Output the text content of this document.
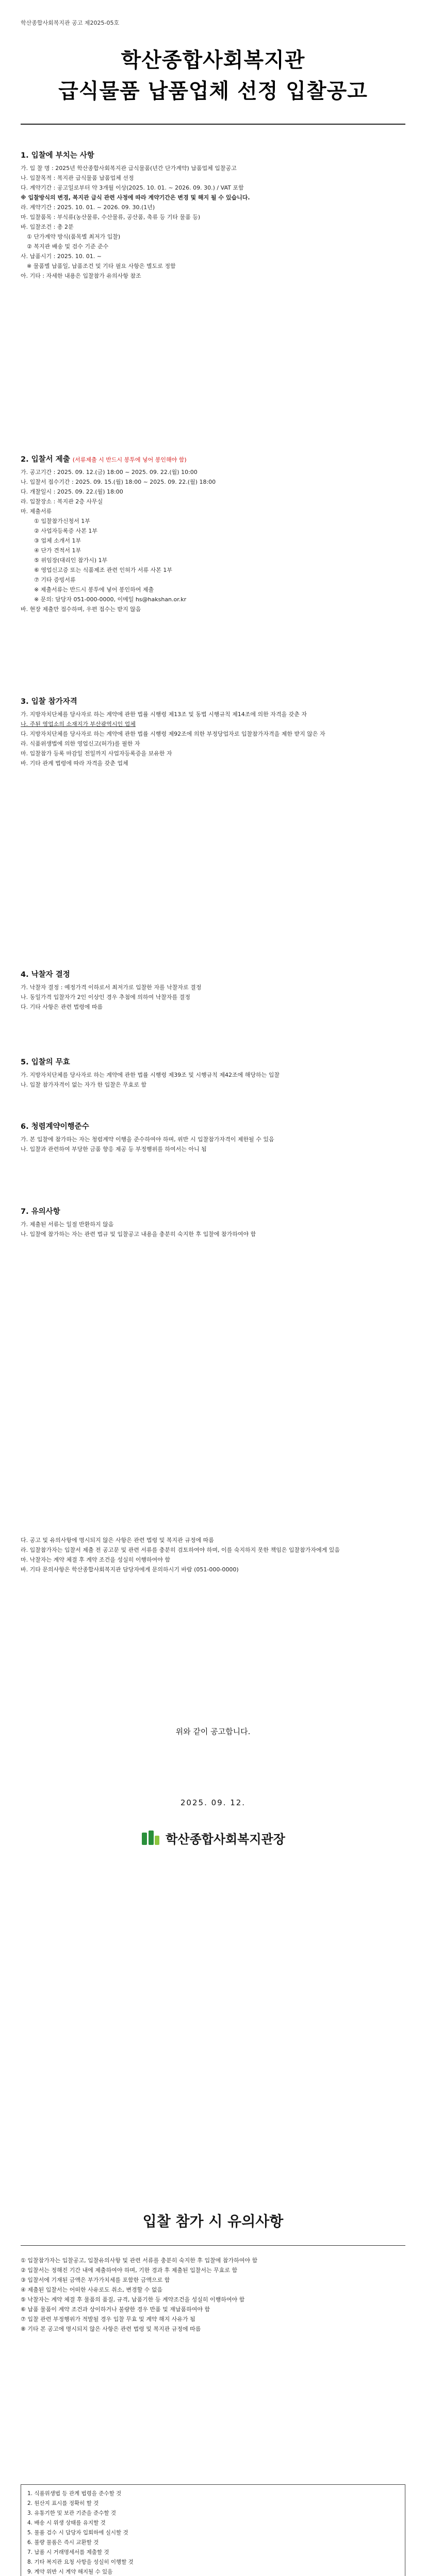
학산종합사회복지관 공고 제2025-05호
학산종합사회복지관
급식물품 납품업체 선정 입찰공고
1. 입찰에 부치는 사항

가. 입 찰 명 : 2025년 학산종합사회복지관 급식물품(년간 단가계약) 납품업체 입찰공고

나. 입찰목적 : 복지관 급식물품 납품업체 선정

다. 계약기간 : 공고일로부터 약 3개월 이상(2025. 10. 01. ~ 2026. 09. 30.) / VAT 포함

※ 입찰방식의 변경, 복지관 급식 관련 사정에 따라 계약기간은 변경 및 해지 될 수 있습니다.

라. 계약기간 : 2025. 10. 01. ~ 2026. 09. 30.(1년)

마. 입찰품목 : 부식류(농산물류, 수산물류, 공산품, 축류 등 기타 물품 등)

바. 입찰조건 : 총 2분

① 단가계약 방식(품목별 최저가 입찰)

② 복지관 배송 및 검수 기준 준수

사. 납품시기 : 2025. 10. 01. ~

※ 물품별 납품일, 납품조건 및 기타 필요 사항은 별도로 정함

아. 기타 : 자세한 내용은 입찰참가 유의사항 참조

2. 입찰서 제출 (서류제출 시 반드시 봉투에 넣어 봉인해야 함)

가. 공고기간 : 2025. 09. 12.(금) 18:00 ~ 2025. 09. 22.(월) 10:00

나. 입찰서 접수기간 : 2025. 09. 15.(월) 18:00 ~ 2025. 09. 22.(월) 18:00

다. 개찰일시 : 2025. 09. 22.(월) 18:00

라. 입찰장소 : 복지관 2층 사무실

마. 제출서류

① 입찰참가신청서 1부

② 사업자등록증 사본 1부

③ 업체 소개서 1부

④ 단가 견적서 1부

⑤ 위임장(대리인 참가시) 1부

⑥ 영업신고증 또는 식품제조 관련 인허가 서류 사본 1부

⑦ 기타 증빙서류

※ 제출서류는 반드시 봉투에 넣어 봉인하여 제출

※ 문의: 담당자 051-000-0000, 이메일 hs@hakshan.or.kr

바. 현장 제출만 접수하며, 우편 접수는 받지 않음

3. 입찰 참가자격

가. 지방자치단체를 당사자로 하는 계약에 관한 법률 시행령 제13조 및 동법 시행규칙 제14조에 의한 자격을 갖춘 자

나. 주된 영업소의 소재지가 부산광역시인 업체

다. 지방자치단체를 당사자로 하는 계약에 관한 법률 시행령 제92조에 의한 부정당업자로 입찰참가자격을 제한 받지 않은 자

라. 식품위생법에 의한 영업신고(허가)를 필한 자

마. 입찰참가 등록 마감일 전일까지 사업자등록증을 보유한 자

바. 기타 관계 법령에 따라 자격을 갖춘 업체

4. 낙찰자 결정

가. 낙찰자 결정 : 예정가격 이하로서 최저가로 입찰한 자를 낙찰자로 결정

나. 동일가격 입찰자가 2인 이상인 경우 추첨에 의하여 낙찰자를 결정

다. 기타 사항은 관련 법령에 따름

5. 입찰의 무효

가. 지방자치단체를 당사자로 하는 계약에 관한 법률 시행령 제39조 및 시행규칙 제42조에 해당하는 입찰

나. 입찰 참가자격이 없는 자가 한 입찰은 무효로 함

6. 청렴계약이행준수

가. 본 입찰에 참가하는 자는 청렴계약 이행을 준수하여야 하며, 위반 시 입찰참가자격이 제한될 수 있음

나. 입찰과 관련하여 부당한 금품 향응 제공 등 부정행위를 하여서는 아니 됨

7. 유의사항

가. 제출된 서류는 일절 반환하지 않음

나. 입찰에 참가하는 자는 관련 법규 및 입찰공고 내용을 충분히 숙지한 후 입찰에 참가하여야 함

다. 공고 및 유의사항에 명시되지 않은 사항은 관련 법령 및 복지관 규정에 따름

라. 입찰참가자는 입찰서 제출 전 공고문 및 관련 서류를 충분히 검토하여야 하며, 이를 숙지하지 못한 책임은 입찰참가자에게 있음

마. 낙찰자는 계약 체결 후 계약 조건을 성실히 이행하여야 함

바. 기타 문의사항은 학산종합사회복지관 담당자에게 문의하시기 바람 (051-000-0000)

위와 같이 공고합니다.
2025. 09. 12.
학산종합사회복지관장
입찰 참가 시 유의사항

① 입찰참가자는 입찰공고, 입찰유의사항 및 관련 서류를 충분히 숙지한 후 입찰에 참가하여야 함

② 입찰서는 정해진 기간 내에 제출하여야 하며, 기한 경과 후 제출된 입찰서는 무효로 함

③ 입찰서에 기재된 금액은 부가가치세를 포함한 금액으로 함

④ 제출된 입찰서는 어떠한 사유로도 취소, 변경할 수 없음

⑤ 낙찰자는 계약 체결 후 물품의 품질, 규격, 납품기한 등 계약조건을 성실히 이행하여야 함

⑥ 납품 물품이 계약 조건과 상이하거나 불량한 경우 반품 및 재납품하여야 함

⑦ 입찰 관련 부정행위가 적발될 경우 입찰 무효 및 계약 해지 사유가 됨

⑧ 기타 본 공고에 명시되지 않은 사항은 관련 법령 및 복지관 규정에 따름

1. 식품위생법 등 관계 법령을 준수할 것

2. 원산지 표시를 정확히 할 것

3. 유통기한 및 보관 기준을 준수할 것

4. 배송 시 위생 상태를 유지할 것

5. 물품 검수 시 담당자 입회하에 실시할 것

6. 불량 물품은 즉시 교환할 것

7. 납품 시 거래명세서를 제출할 것

8. 기타 복지관 요청 사항을 성실히 이행할 것

9. 계약 위반 시 계약 해지될 수 있음
